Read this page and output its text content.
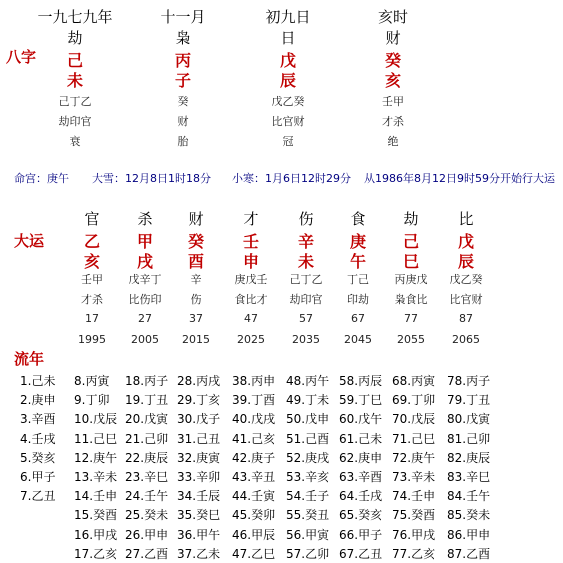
八字
一九七九年
劫
己
未
己丁乙
劫印官
衰
十一月
枭
丙
子
癸
财
胎
初九日
日
戊
辰
戊乙癸
比官财
冠
亥时
财
癸
亥
壬甲
才杀
绝
命宫：庚午 大雪：12月8日1时18分 小寒：1月6日12时29分 从1986年8月12日9时59分开始行大运
大运
官
乙
亥
壬甲
才杀
17
1995
杀
甲
戌
戊辛丁
比伤印
27
2005
财
癸
酉
辛
伤
37
2015
才
壬
申
庚戊壬
食比才
47
2025
伤
辛
未
己丁乙
劫印官
57
2035
食
庚
午
丁己
印劫
67
2045
劫
己
巳
丙庚戊
枭食比
77
2055
比
戊
辰
戊乙癸
比官财
87
2065
流年
1.己未
2.庚申
3.辛酉
4.壬戌
5.癸亥
6.甲子
7.乙丑
8.丙寅
9.丁卯
10.戊辰
11.己巳
12.庚午
13.辛未
14.壬申
15.癸酉
16.甲戌
17.乙亥
18.丙子
19.丁丑
20.戊寅
21.己卯
22.庚辰
23.辛巳
24.壬午
25.癸未
26.甲申
27.乙酉
28.丙戌
29.丁亥
30.戊子
31.己丑
32.庚寅
33.辛卯
34.壬辰
35.癸巳
36.甲午
37.乙未
38.丙申
39.丁酉
40.戊戌
41.己亥
42.庚子
43.辛丑
44.壬寅
45.癸卯
46.甲辰
47.乙巳
48.丙午
49.丁未
50.戊申
51.己酉
52.庚戌
53.辛亥
54.壬子
55.癸丑
56.甲寅
57.乙卯
58.丙辰
59.丁巳
60.戊午
61.己未
62.庚申
63.辛酉
64.壬戌
65.癸亥
66.甲子
67.乙丑
68.丙寅
69.丁卯
70.戊辰
71.己巳
72.庚午
73.辛未
74.壬申
75.癸酉
76.甲戌
77.乙亥
78.丙子
79.丁丑
80.戊寅
81.己卯
82.庚辰
83.辛巳
84.壬午
85.癸未
86.甲申
87.乙酉
